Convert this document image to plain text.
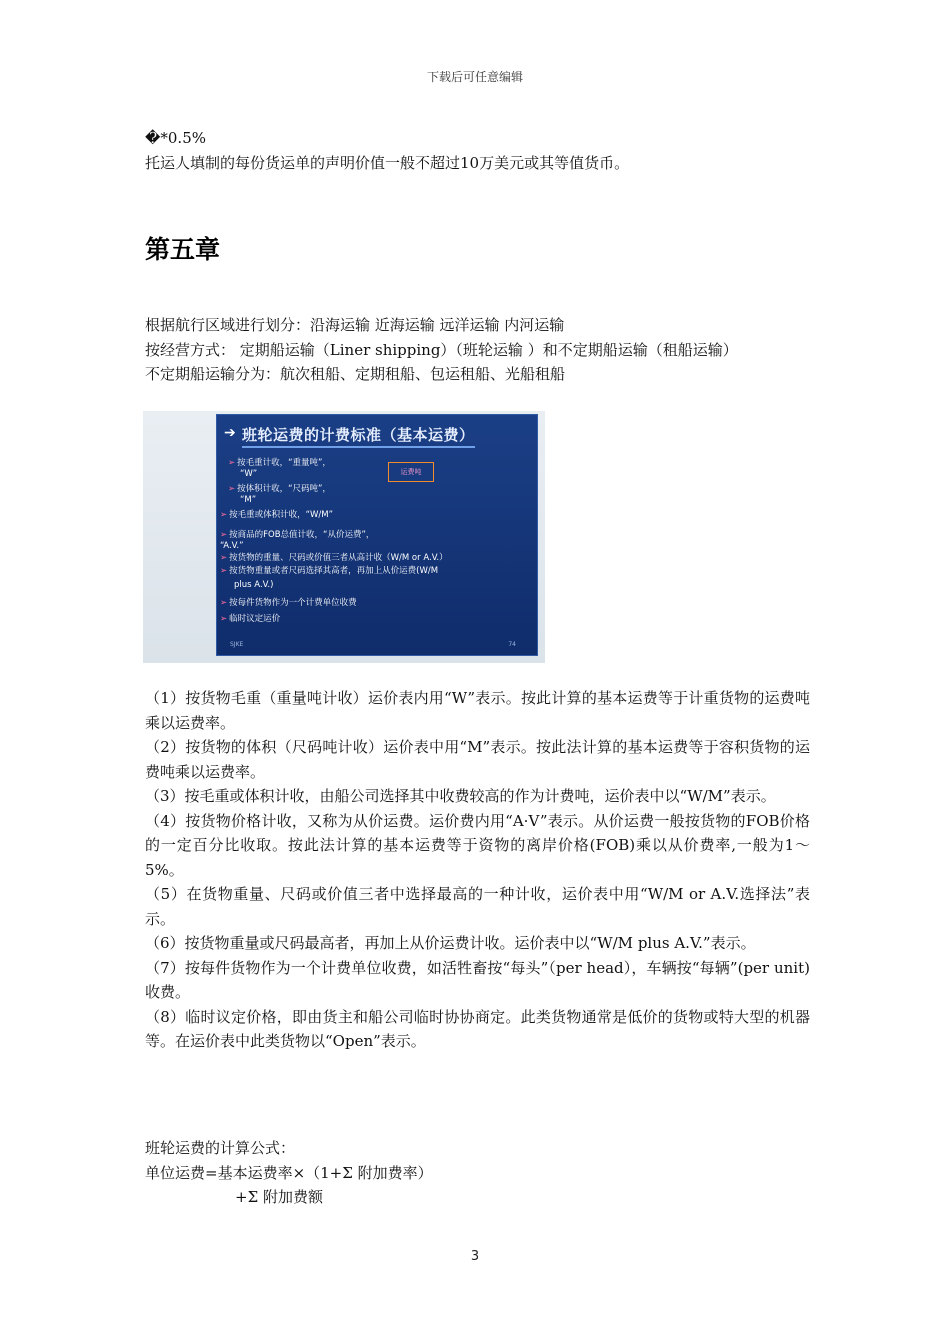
下载后可任意编辑
�*0.5%
托运人填制的每份货运单的声明价值一般不超过10万美元或其等值货币。
第五章
根据航行区域进行划分：沿海运输 近海运输 远洋运输 内河运输
按经营方式： 定期船运输（Liner shipping）（班轮运输 ）和不定期船运输（租船运输）
不定期船运输分为：航次租船、定期租船、包运租船、光船租船
➔ 班轮运费的计费标准（基本运费）
➢ 按毛重计收，“重量吨”，
“W”
➢ 按体积计收，“尺码吨”，
“M”
➢ 按毛重或体积计收，“W/M”
➢ 按商品的FOB总值计收，“从价运费”，
“A.V.”
➢ 按货物的重量、尺码或价值三者从高计收（W/M or A.V.）
➢ 按货物重量或者尺码选择其高者，再加上从价运费(W/M
plus A.V.)
➢ 按每件货物作为一个计费单位收费
➢ 临时议定运价
运费吨
SJKE	74
（1）按货物毛重（重量吨计收）运价表内用“W”表示。按此计算的基本运费等于计重货物的运费吨乘以运费率。
（2）按货物的体积（尺码吨计收）运价表中用“M”表示。按此法计算的基本运费等于容积货物的运费吨乘以运费率。
（3）按毛重或体积计收，由船公司选择其中收费较高的作为计费吨，运价表中以“W/M”表示。
（4）按货物价格计收，又称为从价运费。运价费内用“A·V”表示。从价运费一般按货物的FOB价格的一定百分比收取。按此法计算的基本运费等于资物的离岸价格(FOB)乘以从价费率,一般为1～5%。
（5）在货物重量、尺码或价值三者中选择最高的一种计收，运价表中用“W/M or A.V.选择法”表示。
（6）按货物重量或尺码最高者，再加上从价运费计收。运价表中以“W/M plus A.V.”表示。
（7）按每件货物作为一个计费单位收费，如活牲畜按“每头”（per head），车辆按“每辆”(per unit)收费。
（8）临时议定价格，即由货主和船公司临时协协商定。此类货物通常是低价的货物或特大型的机器等。在运价表中此类货物以“Open”表示。
班轮运费的计算公式：
单位运费=基本运费率×（1+Σ 附加费率）
+Σ 附加费额
3
